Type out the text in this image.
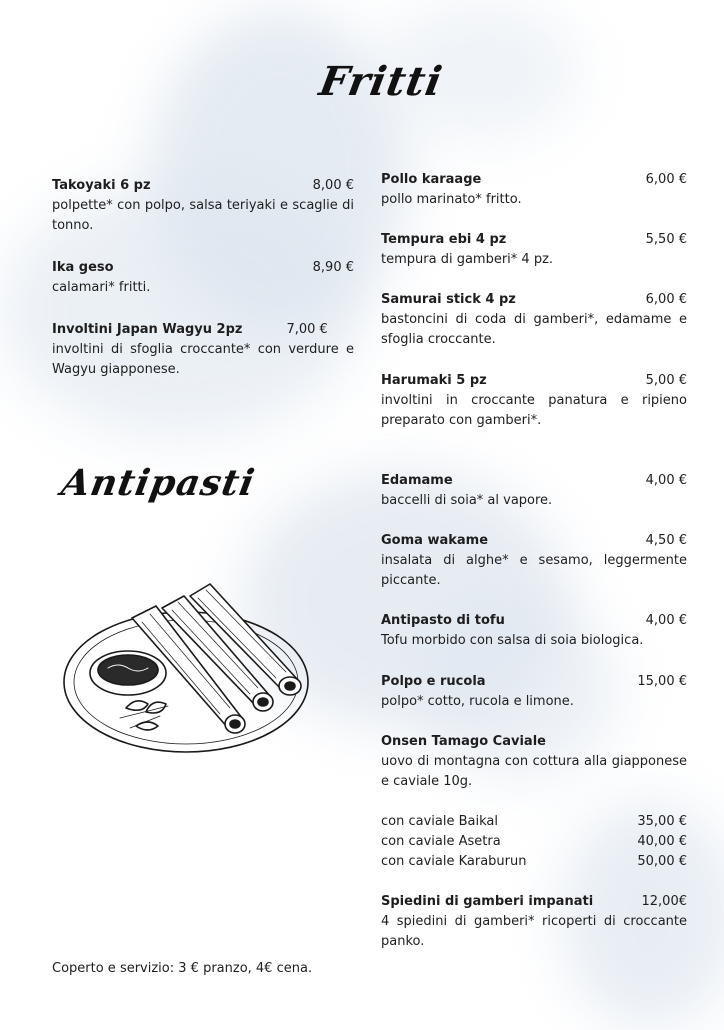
Fritti
Antipasti
Takoyaki 6 pz	8,00 €
polpette* con polpo, salsa teriyaki e scaglie di tonno.
Ika geso	8,90 €
calamari* fritti.
Involtini Japan Wagyu 2pz	7,00 €
involtini di sfoglia croccante* con verdure e Wagyu giapponese.
Pollo karaage	6,00 €
pollo marinato* fritto.
Tempura ebi 4 pz	5,50 €
tempura di gamberi* 4 pz.
Samurai stick 4 pz	6,00 €
bastoncini di coda di gamberi*, edamame e sfoglia croccante.
Harumaki 5 pz	5,00 €
involtini in croccante panatura e ripieno preparato con gamberi*.
Edamame	4,00 €
baccelli di soia* al vapore.
Goma wakame	4,50 €
insalata di alghe* e sesamo, leggermente piccante.
Antipasto di tofu	4,00 €
Tofu morbido con salsa di soia biologica.
Polpo e rucola	15,00 €
polpo* cotto, rucola e limone.
Onsen Tamago Caviale
uovo di montagna con cottura alla giapponese e caviale 10g.
con caviale Baikal	35,00 €
con caviale Asetra	40,00 €
con caviale Karaburun	50,00 €
Spiedini di gamberi impanati	12,00€
4 spiedini di gamberi* ricoperti di croccante panko.
Coperto e servizio: 3 € pranzo, 4€ cena.
